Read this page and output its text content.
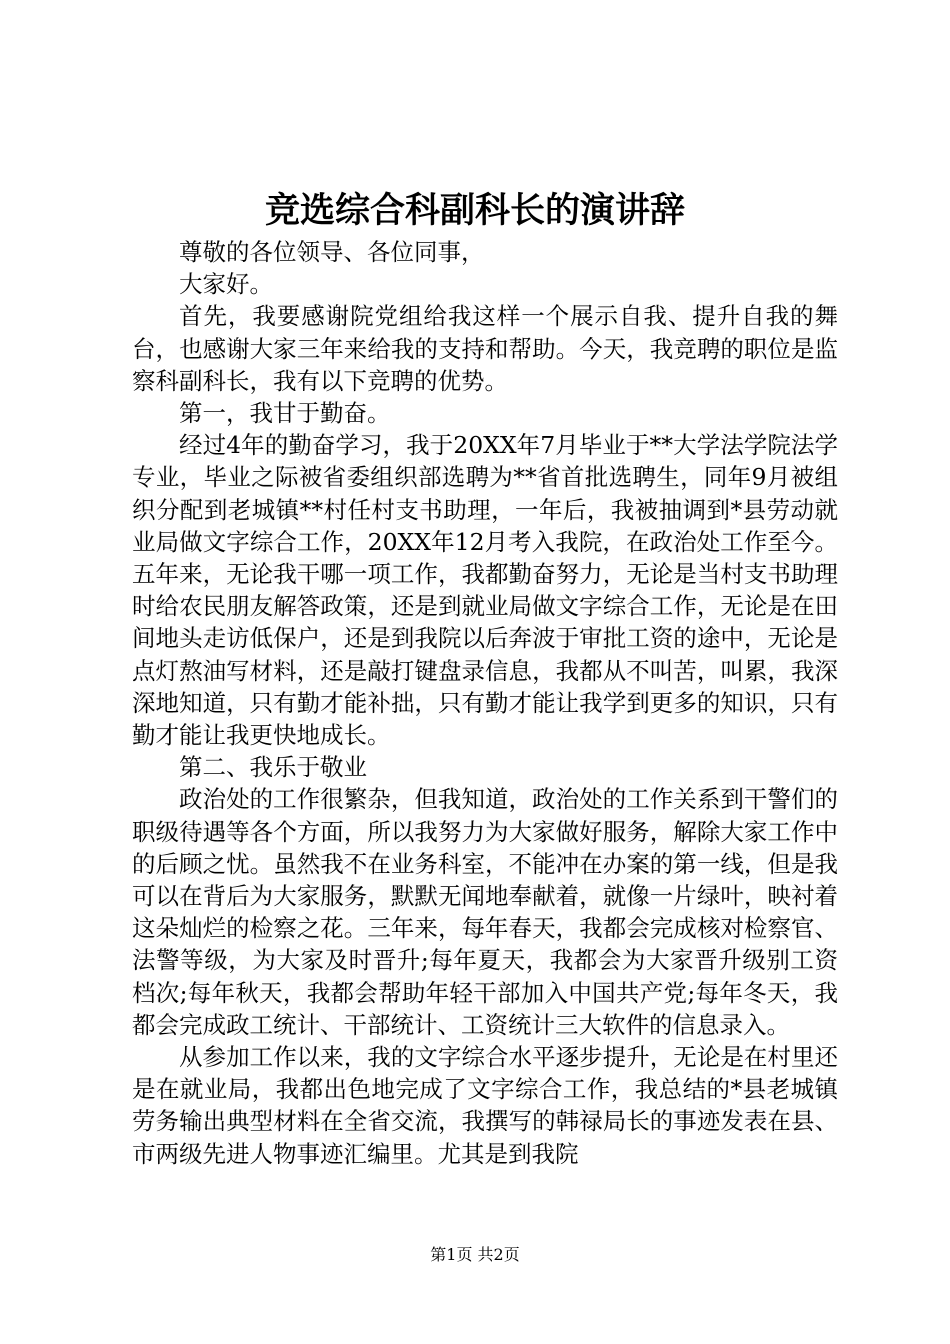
竞选综合科副科长的演讲辞

尊敬的各位领导、各位同事，

大家好。

首先，我要感谢院党组给我这样一个展示自我、提升自我的舞台，也感谢大家三年来给我的支持和帮助。今天，我竞聘的职位是监察科副科长，我有以下竞聘的优势。

第一，我甘于勤奋。

经过4年的勤奋学习，我于20XX年7月毕业于**大学法学院法学专业，毕业之际被省委组织部选聘为**省首批选聘生，同年9月被组织分配到老城镇**村任村支书助理，一年后，我被抽调到*县劳动就业局做文字综合工作，20XX年12月考入我院，在政治处工作至今。五年来，无论我干哪一项工作，我都勤奋努力，无论是当村支书助理时给农民朋友解答政策，还是到就业局做文字综合工作，无论是在田间地头走访低保户，还是到我院以后奔波于审批工资的途中，无论是点灯熬油写材料，还是敲打键盘录信息，我都从不叫苦，叫累，我深深地知道，只有勤才能补拙，只有勤才能让我学到更多的知识，只有勤才能让我更快地成长。

第二、我乐于敬业

政治处的工作很繁杂，但我知道，政治处的工作关系到干警们的职级待遇等各个方面，所以我努力为大家做好服务，解除大家工作中的后顾之忧。虽然我不在业务科室，不能冲在办案的第一线，但是我可以在背后为大家服务，默默无闻地奉献着，就像一片绿叶，映衬着这朵灿烂的检察之花。三年来，每年春天，我都会完成核对检察官、法警等级，为大家及时晋升;每年夏天，我都会为大家晋升级别工资档次;每年秋天，我都会帮助年轻干部加入中国共产党;每年冬天，我都会完成政工统计、干部统计、工资统计三大软件的信息录入。

从参加工作以来，我的文字综合水平逐步提升，无论是在村里还是在就业局，我都出色地完成了文字综合工作，我总结的*县老城镇劳务输出典型材料在全省交流，我撰写的韩禄局长的事迹发表在县、市两级先进人物事迹汇编里。尤其是到我院

第1页 共2页
